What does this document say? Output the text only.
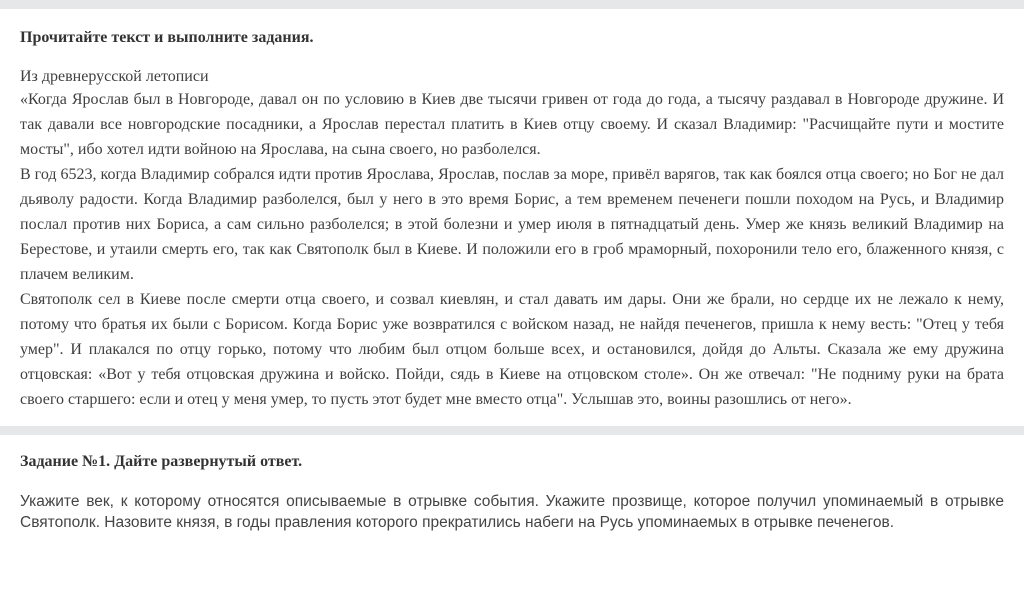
Прочитайте текст и выполните задания.

Из древнерусской летописи

«Когда Ярослав был в Новгороде, давал он по условию в Киев две тысячи гривен от года до года, а тысячу раздавал в Новгороде дружине. И так давали все новгородские посадники, а Ярослав перестал платить в Киев отцу своему. И сказал Владимир: "Расчищайте пути и мостите мосты", ибо хотел идти войною на Ярослава, на сына своего, но разболелся.

В год 6523, когда Владимир собрался идти против Ярослава, Ярослав, послав за море, привёл варягов, так как боялся отца своего; но Бог не дал дьяволу радости. Когда Владимир разболелся, был у него в это время Борис, а тем временем печенеги пошли походом на Русь, и Владимир послал против них Бориса, а сам сильно разболелся; в этой болезни и умер июля в пятнадцатый день. Умер же князь великий Владимир на Берестове, и утаили смерть его, так как Святополк был в Киеве. И положили его в гроб мраморный, похоронили тело его, блаженного князя, с плачем великим.

Святополк сел в Киеве после смерти отца своего, и созвал киевлян, и стал давать им дары. Они же брали, но сердце их не лежало к нему, потому что братья их были с Борисом. Когда Борис уже возвратился с войском назад, не найдя печенегов, пришла к нему весть: "Отец у тебя умер". И плакался по отцу горько, потому что любим был отцом больше всех, и остановился, дойдя до Альты. Сказала же ему дружина отцовская: «Вот у тебя отцовская дружина и войско. Пойди, сядь в Киеве на отцовском столе». Он же отвечал: "Не подниму руки на брата своего старшего: если и отец у меня умер, то пусть этот будет мне вместо отца". Услышав это, воины разошлись от него».

Задание №1. Дайте развернутый ответ.

Укажите век, к которому относятся описываемые в отрывке события. Укажите прозвище, которое получил упоминаемый в отрывке Святополк. Назовите князя, в годы правления которого прекратились набеги на Русь упоминаемых в отрывке печенегов.
